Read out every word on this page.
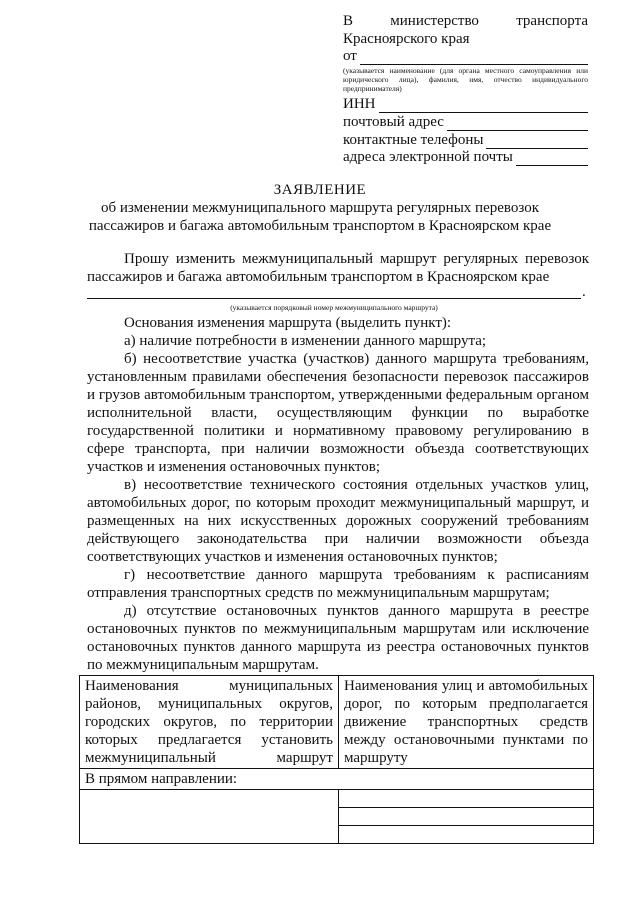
В министерство транспорта
Красноярского края
от
(указывается наименование (для органа местного самоуправления или юридического лица), фамилия, имя, отчество индивидуального предпринимателя)
ИНН
почтовый адрес
контактные телефоны
адреса электронной почты
ЗАЯВЛЕНИЕ
об изменении межмуниципального маршрута регулярных перевозок
пассажиров и багажа автомобильным транспортом в Красноярском крае
Прошу изменить межмуниципальный маршрут регулярных перевозок пассажиров и багажа автомобильным транспортом в Красноярском крае
.
(указывается порядковый номер межмуниципального маршрута)
Основания изменения маршрута (выделить пункт):

а) наличие потребности в изменении данного маршрута;

б) несоответствие участка (участков) данного маршрута требованиям, установленным правилами обеспечения безопасности перевозок пассажиров и грузов автомобильным транспортом, утвержденными федеральным органом исполнительной власти, осуществляющим функции по выработке государственной политики и нормативному правовому регулированию в сфере транспорта, при наличии возможности объезда соответствующих участков и изменения остановочных пунктов;

в) несоответствие технического состояния отдельных участков улиц, автомобильных дорог, по которым проходит межмуниципальный маршрут, и размещенных на них искусственных дорожных сооружений требованиям действующего законодательства при наличии возможности объезда соответствующих участков и изменения остановочных пунктов;

г) несоответствие данного маршрута требованиям к расписаниям отправления транспортных средств по межмуниципальным маршрутам;

д) отсутствие остановочных пунктов данного маршрута в реестре остановочных пунктов по межмуниципальным маршрутам или исключение остановочных пунктов данного маршрута из реестра остановочных пунктов по межмуниципальным маршрутам.

Наименования муниципальных районов, муниципальных округов, городских округов, по территории которых предлагается установить межмуниципальный маршрут	Наименования улиц и автомобильных дорог, по которым предполагается движение транспортных средств между остановочными пунктами по маршруту
В прямом направлении:	
